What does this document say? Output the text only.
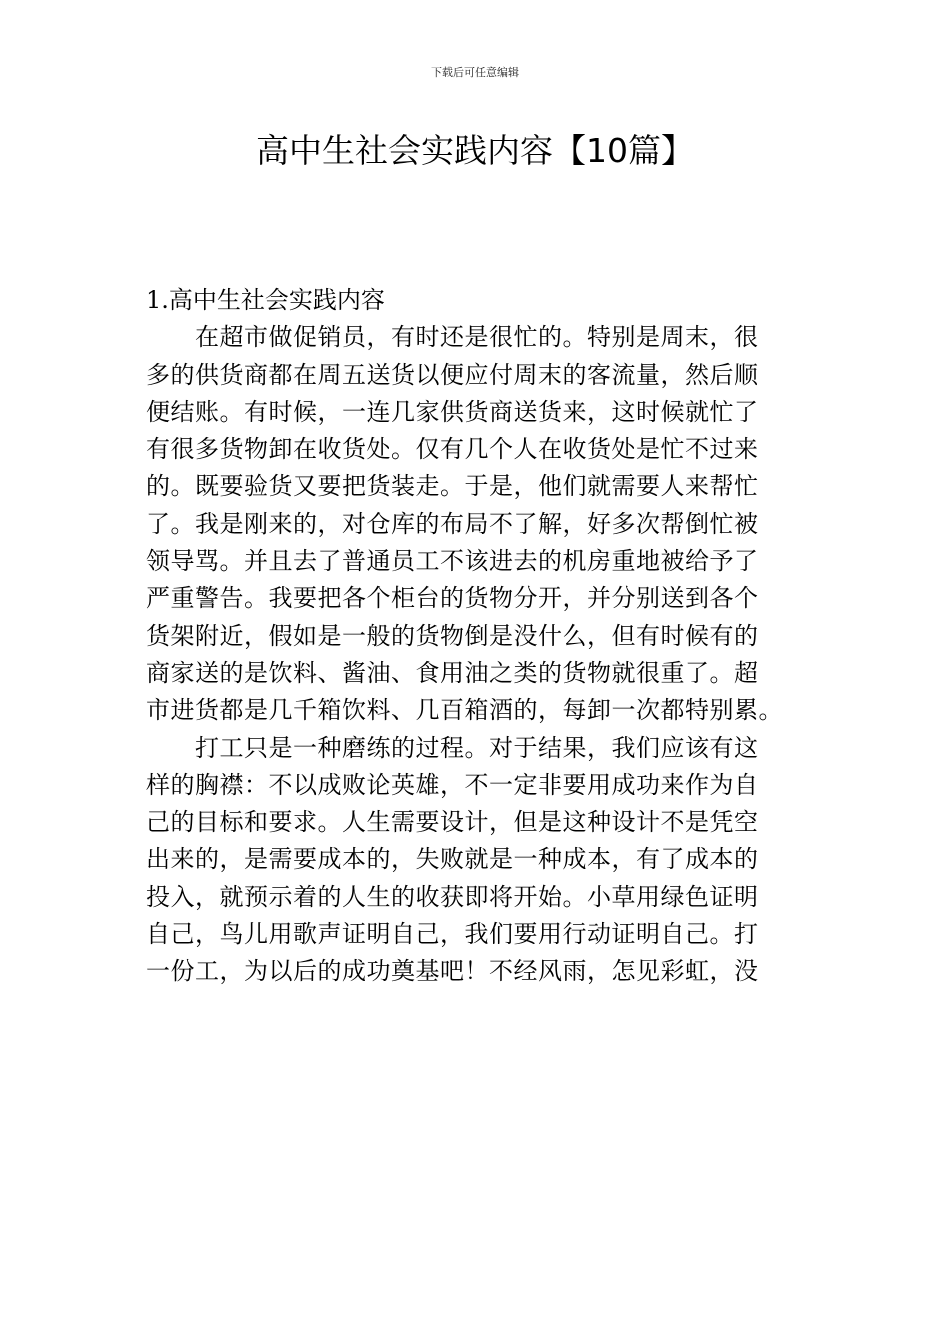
下载后可任意编辑
高中生社会实践内容【10篇】
1.高中生社会实践内容

　　在超市做促销员，有时还是很忙的。特别是周末，很
多的供货商都在周五送货以便应付周末的客流量，然后顺
便结账。有时候，一连几家供货商送货来，这时候就忙了
有很多货物卸在收货处。仅有几个人在收货处是忙不过来
的。既要验货又要把货装走。于是，他们就需要人来帮忙
了。我是刚来的，对仓库的布局不了解，好多次帮倒忙被
领导骂。并且去了普通员工不该进去的机房重地被给予了
严重警告。我要把各个柜台的货物分开，并分别送到各个
货架附近，假如是一般的货物倒是没什么，但有时候有的
商家送的是饮料、酱油、食用油之类的货物就很重了。超
市进货都是几千箱饮料、几百箱酒的，每卸一次都特别累。

　　打工只是一种磨练的过程。对于结果，我们应该有这
样的胸襟：不以成败论英雄，不一定非要用成功来作为自
己的目标和要求。人生需要设计，但是这种设计不是凭空
出来的，是需要成本的，失败就是一种成本，有了成本的
投入，就预示着的人生的收获即将开始。小草用绿色证明
自己，鸟儿用歌声证明自己，我们要用行动证明自己。打
一份工，为以后的成功奠基吧！不经风雨，怎见彩虹，没
